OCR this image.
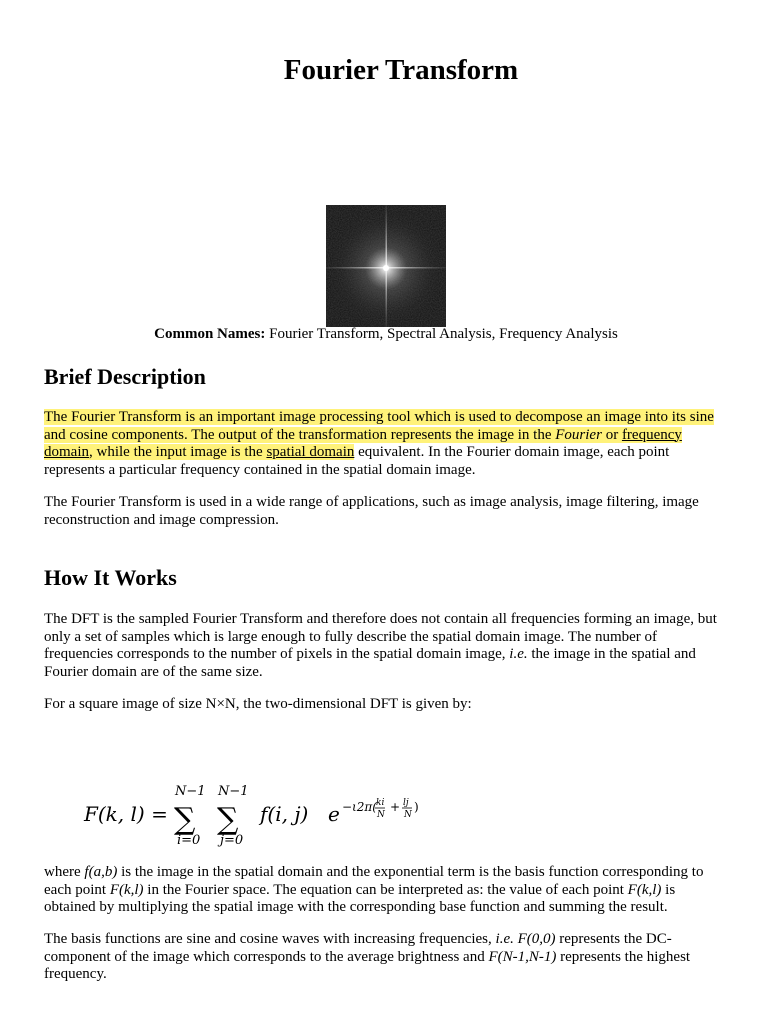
Fourier Transform
Common Names: Fourier Transform, Spectral Analysis, Frequency Analysis
Brief Description

The Fourier Transform is an important image processing tool which is used to decompose an image into its sine and cosine components. The output of the transformation represents the image in the Fourier or frequency domain, while the input image is the spatial domain equivalent. In the Fourier domain image, each point represents a particular frequency contained in the spatial domain image.

The Fourier Transform is used in a wide range of applications, such as image analysis, image filtering, image reconstruction and image compression.

How It Works

The DFT is the sampled Fourier Transform and therefore does not contain all frequencies forming an image, but only a set of samples which is large enough to fully describe the spatial domain image. The number of frequencies corresponds to the number of pixels in the spatial domain image, i.e. the image in the spatial and Fourier domain are of the same size.

For a square image of size N×N, the two-dimensional DFT is given by:

F(k, l) =
N−1
∑
i=0
N−1
∑
j=0
f(i, j) e −ι2π( ki
N
+ lj
N
)

where f(a,b) is the image in the spatial domain and the exponential term is the basis function corresponding to each point F(k,l) in the Fourier space. The equation can be interpreted as: the value of each point F(k,l) is obtained by multiplying the spatial image with the corresponding base function and summing the result.

The basis functions are sine and cosine waves with increasing frequencies, i.e. F(0,0) represents the DC-component of the image which corresponds to the average brightness and F(N-1,N-1) represents the highest frequency.
